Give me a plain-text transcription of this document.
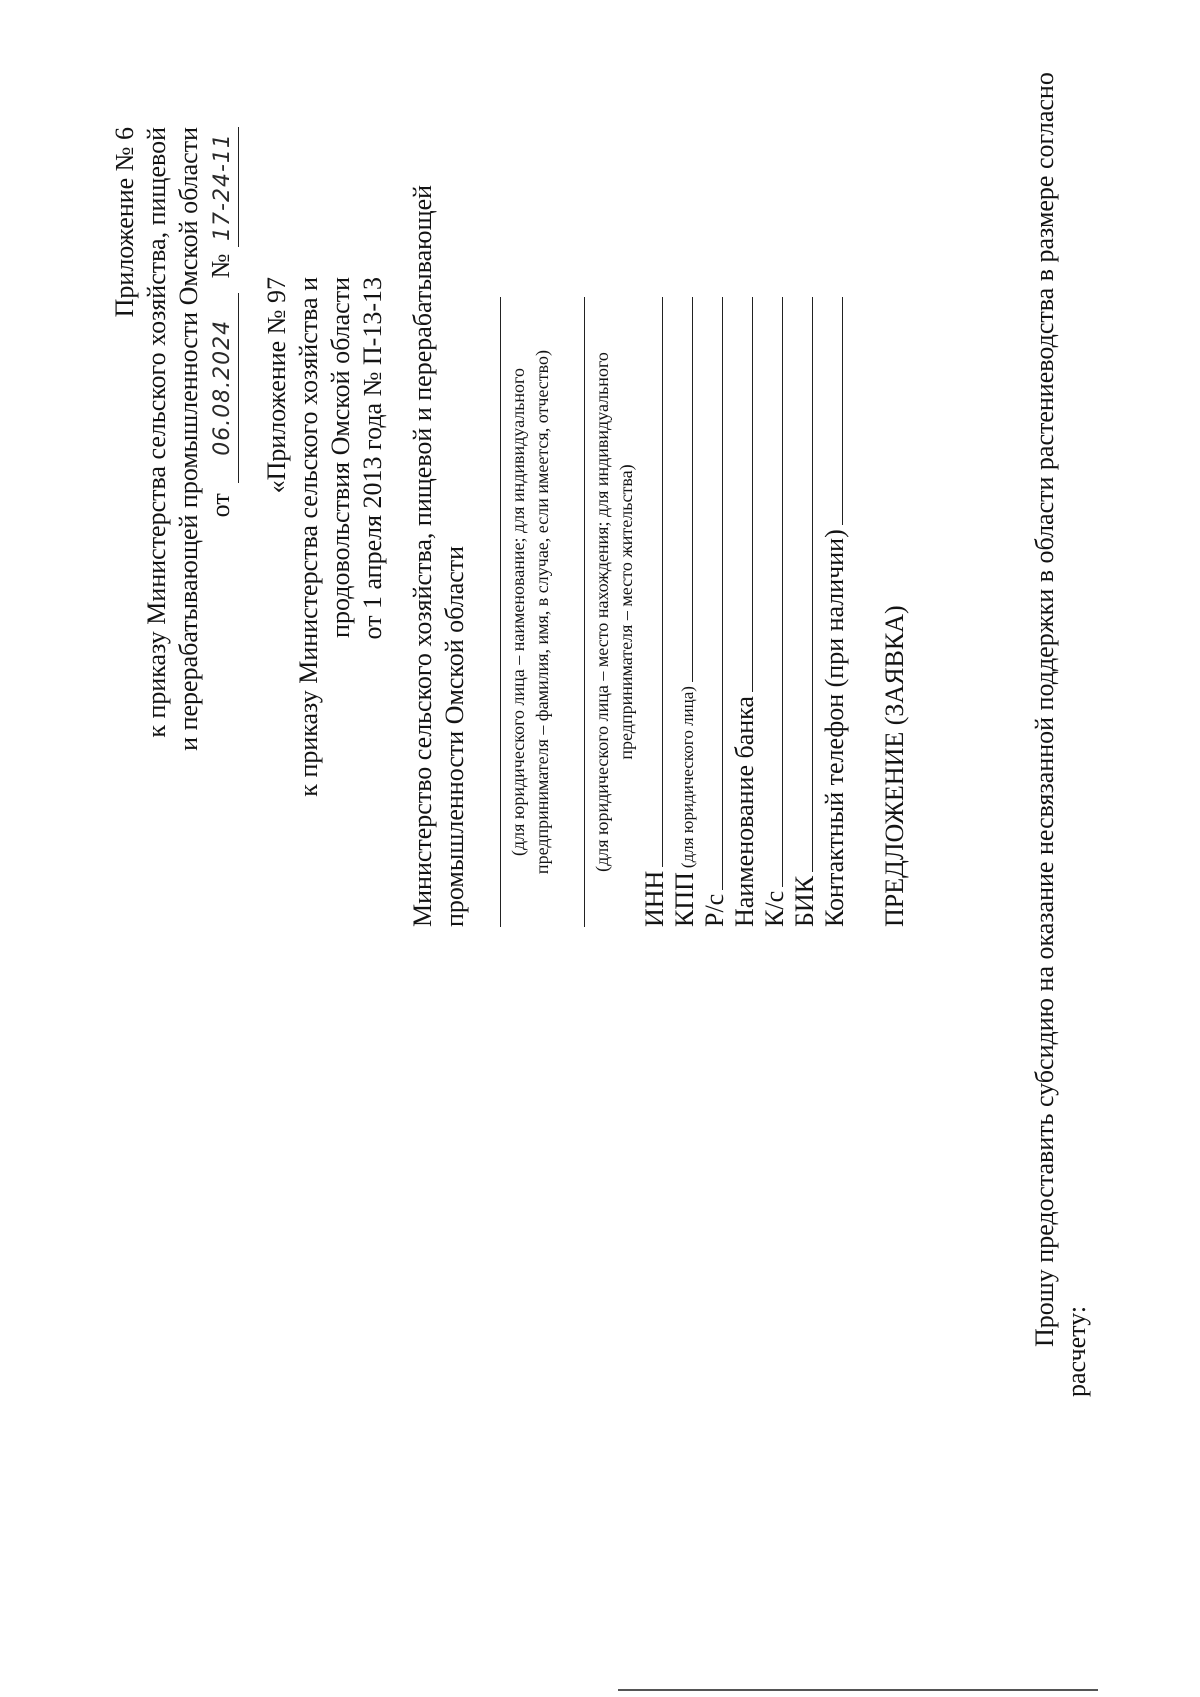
Приложение № 6 к приказу Министерства сельского хозяйства, пищевой и перерабатывающей промышленности Омской области от 06.08.2024 № 17-24-11
«Приложение № 97 к приказу Министерства сельского хозяйства и продовольствия Омской области от 1 апреля 2013 года № П-13-13 Министерство сельского хозяйства, пищевой и перерабатывающей промышленности Омской области (для юридического лица – наименование; для индивидуального предпринимателя – фамилия, имя, в случае, если имеется, отчество) (для юридического лица – место нахождения; для индивидуального предпринимателя – место жительства)
ИНН КПП
(для юридического лица)
Р/с Наименование банка К/с БИК Контактный телефон (при наличии) ПРЕДЛОЖЕНИЕ (ЗАЯВКА)	Прошу предоставить субсидию на оказание несвязанной поддержки в области растениеводства в размере согласно
расчету:
